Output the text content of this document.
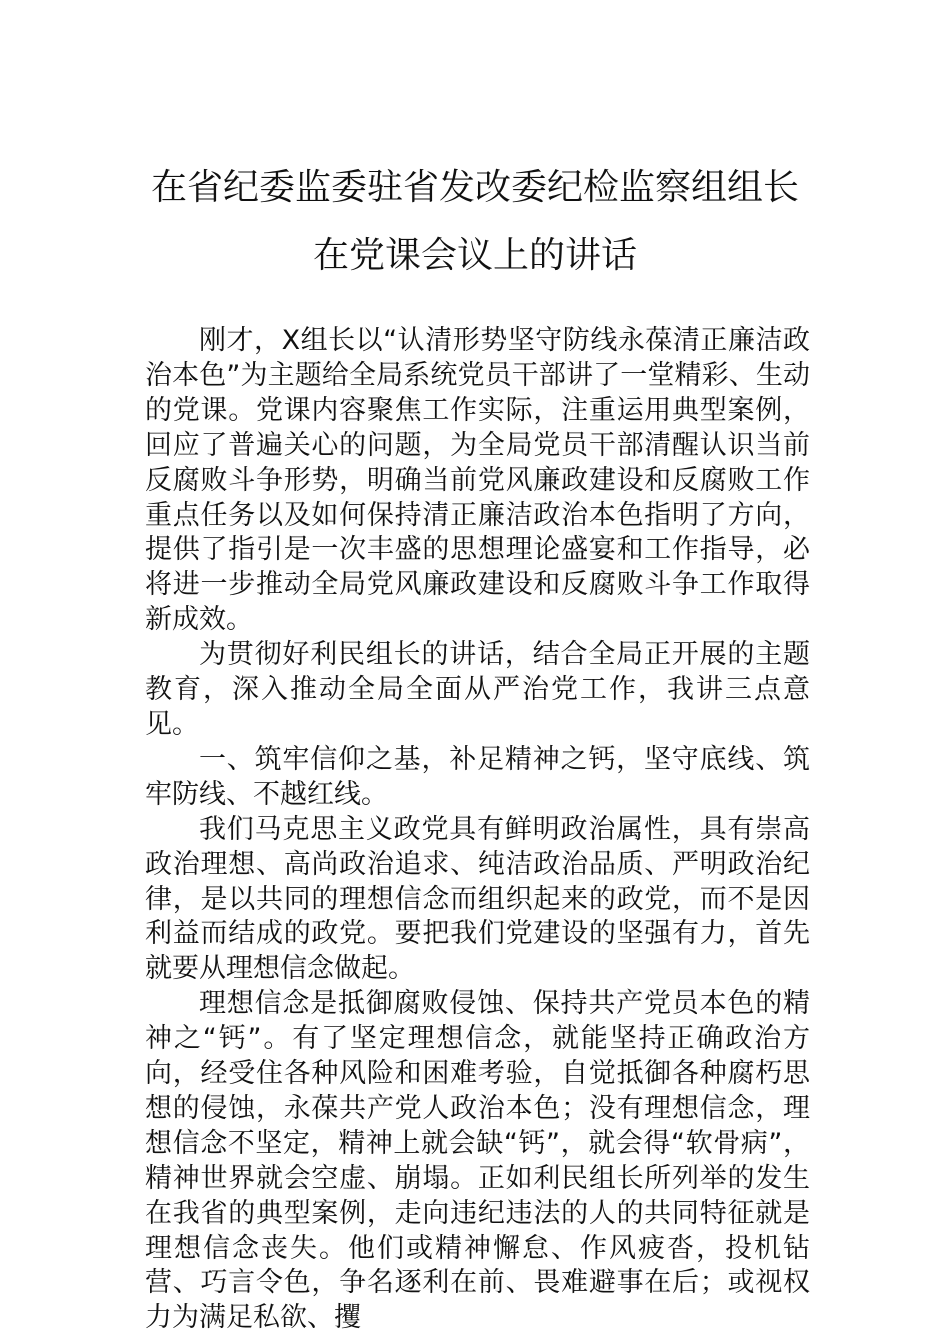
在省纪委监委驻省发改委纪检监察组组长
在党课会议上的讲话

刚才，X组长以“认清形势坚守防线永葆清正廉洁政治本色”为主题给全局系统党员干部讲了一堂精彩、生动的党课。党课内容聚焦工作实际，注重运用典型案例，回应了普遍关心的问题，为全局党员干部清醒认识当前反腐败斗争形势，明确当前党风廉政建设和反腐败工作重点任务以及如何保持清正廉洁政治本色指明了方向，提供了指引是一次丰盛的思想理论盛宴和工作指导，必将进一步推动全局党风廉政建设和反腐败斗争工作取得新成效。

为贯彻好利民组长的讲话，结合全局正开展的主题教育，深入推动全局全面从严治党工作，我讲三点意见。

一、筑牢信仰之基，补足精神之钙，坚守底线、筑牢防线、不越红线。

我们马克思主义政党具有鲜明政治属性，具有崇高政治理想、高尚政治追求、纯洁政治品质、严明政治纪律，是以共同的理想信念而组织起来的政党，而不是因利益而结成的政党。要把我们党建设的坚强有力，首先就要从理想信念做起。

理想信念是抵御腐败侵蚀、保持共产党员本色的精神之“钙”。有了坚定理想信念，就能坚持正确政治方向，经受住各种风险和困难考验，自觉抵御各种腐朽思想的侵蚀，永葆共产党人政治本色；没有理想信念，理想信念不坚定，精神上就会缺“钙”，就会得“软骨病”，精神世界就会空虚、崩塌。正如利民组长所列举的发生在我省的典型案例，走向违纪违法的人的共同特征就是理想信念丧失。他们或精神懈怠、作风疲沓，投机钻营、巧言令色，争名逐利在前、畏难避事在后；或视权力为满足私欲、攫
